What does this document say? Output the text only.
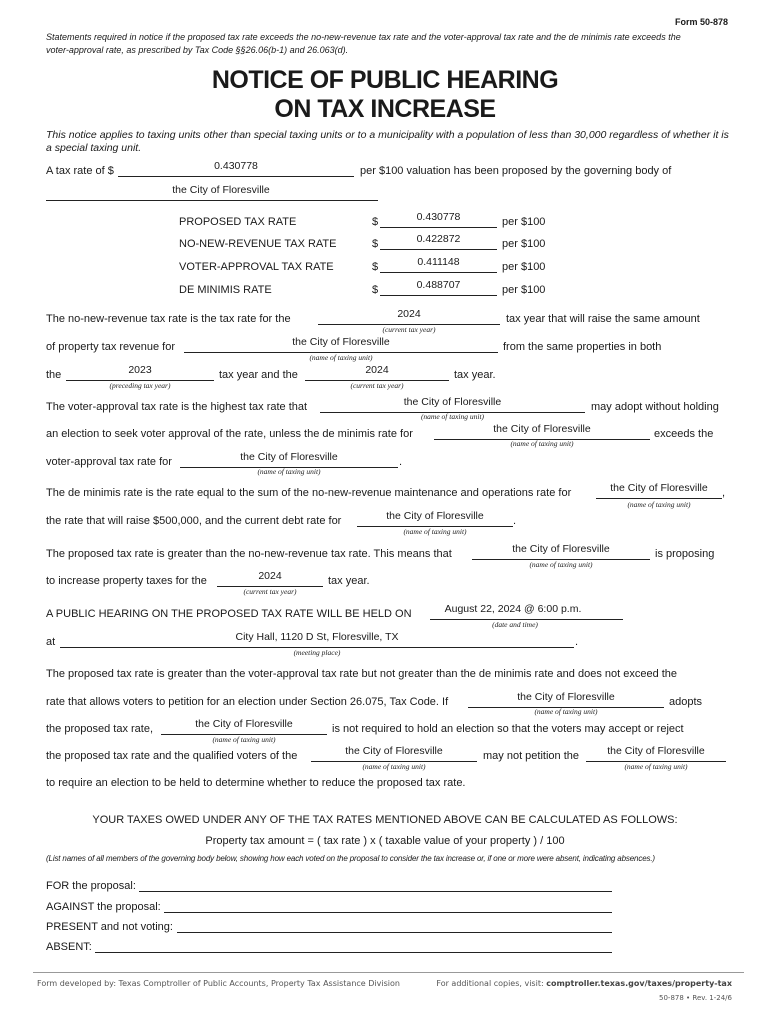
Form 50-878
Statements required in notice if the proposed tax rate exceeds the no-new-revenue tax rate and the voter-approval tax rate and the de minimis rate exceeds the voter-approval rate, as prescribed by Tax Code §§26.06(b-1) and 26.063(d).
NOTICE OF PUBLIC HEARING
ON TAX INCREASE
This notice applies to taxing units other than special taxing units or to a municipality with a population of less than 30,000 regardless of whether it is a special taxing unit.
A tax rate of $	0.430778	per $100 valuation has been proposed by the governing body of
the City of Floresville
PROPOSED TAX RATE	$	0.430778	per $100
NO-NEW-REVENUE TAX RATE	$	0.422872	per $100
VOTER-APPROVAL TAX RATE	$	0.411148	per $100
DE MINIMIS RATE	$	0.488707	per $100
The no-new-revenue tax rate is the tax rate for the	2024
(current tax year)
tax year that will raise the same amount
of property tax revenue for	the City of Floresville
(name of taxing unit)
from the same properties in both
the	2023
(preceding tax year)
tax year and the	2024
(current tax year)
tax year.
The voter-approval tax rate is the highest tax rate that	the City of Floresville
(name of taxing unit)
may adopt without holding
an election to seek voter approval of the rate, unless the de minimis rate for	the City of Floresville
(name of taxing unit)
exceeds the
voter-approval tax rate for	the City of Floresville
(name of taxing unit)
.
The de minimis rate is the rate equal to the sum of the no-new-revenue maintenance and operations rate for	the City of Floresville
(name of taxing unit)
,
the rate that will raise $500,000, and the current debt rate for	the City of Floresville
(name of taxing unit)
.
The proposed tax rate is greater than the no-new-revenue tax rate. This means that	the City of Floresville
(name of taxing unit)
is proposing
to increase property taxes for the	2024
(current tax year)
tax year.
A PUBLIC HEARING ON THE PROPOSED TAX RATE WILL BE HELD ON	August 22, 2024 @ 6:00 p.m.
(date and time)
at	City Hall, 1120 D St, Floresville, TX
(meeting place)
.
The proposed tax rate is greater than the voter-approval tax rate but not greater than the de minimis rate and does not exceed the
rate that allows voters to petition for an election under Section 26.075, Tax Code. If	the City of Floresville
(name of taxing unit)
adopts
the proposed tax rate,	the City of Floresville
(name of taxing unit)
is not required to hold an election so that the voters may accept or reject
the proposed tax rate and the qualified voters of the	the City of Floresville
(name of taxing unit)
may not petition the	the City of Floresville
(name of taxing unit)
to require an election to be held to determine whether to reduce the proposed tax rate.
YOUR TAXES OWED UNDER ANY OF THE TAX RATES MENTIONED ABOVE CAN BE CALCULATED AS FOLLOWS:
Property tax amount = ( tax rate ) x ( taxable value of your property ) / 100
(List names of all members of the governing body below, showing how each voted on the proposal to consider the tax increase or, if one or more were absent, indicating absences.)
FOR the proposal:
AGAINST the proposal:
PRESENT and not voting:
ABSENT:
Form developed by: Texas Comptroller of Public Accounts, Property Tax Assistance Division	For additional copies, visit: comptroller.texas.gov/taxes/property-tax
50-878 • Rev. 1-24/6
